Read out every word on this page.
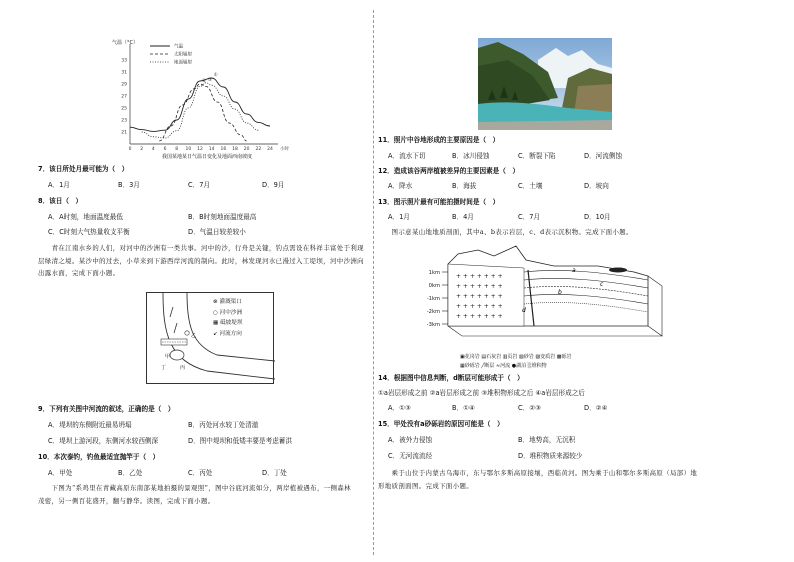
33
31
29
27
25
23
21
0 2 4 6 8 10 12 14 16 18 20 22 24 小时
①
② ③
气温
太阳辐射
地面辐射
气温（°C）
我国某地某日气温日变化及地面西南坡度
7．该日所处月最可能为（　）
A．1月	B．3月	C．7月	D．9月
8．该日（　）
A．A时刻，地面温度最低	B．B时刻地面温度最高
C．C时刻大气热量收支平衡	D．气温日较差较小
　　青在江南水乡的人们，对河中的沙洲有一类共事。河中的沙，行舟是关键，钓点需设在科祥丰富处于利现
层绿清之境。某沙中的过去，小草来到下游西岸河流的制向。此时，林发现河水已漫过入工堤坝，河中沙洲向
出露水面，完成下面小题。
甲
丁	丙
乙
⊗ 灌溉渠口
○ 河中沙洲
▦ 砥坡堤坝
↙ 河流方向
9．下列有关图中河流的叙述，正确的是（　）
A．堤坝的东侧附近最易坍塌	B．丙处河水较丁处清澈
C．堤坝上游河段，东侧河水较西侧深	D．图中堤坝和低矮丰要是考虑蓄洪
10．本次泰钓，钓鱼最适宜抛竿于（　）
A．甲处	B．乙处	C．丙处	D．丁处
　　下图为“系鸡里在青藏高原东南部某地拍摄的景观照”，图中谷底河流如分，两岸植被遇布，一侧森林
茂密，另一侧百花盛开，翻与静华。读图，完成下面小题。
11．照片中谷地形成的主要原因是（　）
A．流水下切	B．冰川侵蚀	C．断裂下陷	D．河流侧蚀
12．造成该谷两岸植被差异的主要因素是（　）
A．降水	B．海拔	C．土壤	D．坡向
13．图示照片最有可能拍摄时间是（　）
A．1月	B．4月	C．7月	D．10月
　　图示意某山地地质剖面，其中a、b表示岩层，c、d表示沉积物。完成下面小题。
1km
0km
-1km
-2km
-3km
+ + + + + + +
+ + + + + + +
+ + + + + + +
+ + + + + + +
+ + + + + + +
a
b
c
d
▣花岗岩 ▤石灰岩 ▥页岩 ▧砂岩 ▨变质岩 ▩砾岩
▦砂砾岩 ╱断层 ≈河流 ●湖泊 ░堆积物
14．根据图中信息判断，d断层可能形成于（　）
①a岩层形成之前 ②a岩层形成之前 ③堆积物形成之后 ④a岩层形成之后
A．①③	B．①④	C．②③	D．②④
15．甲处没有a砂砾岩的原因可能是（　）
A．被外力侵蚀	B．地势高，无沉积
C．无河流流经	D．堆积物质来源较少
　　乘于山位于内蒙古乌海市，东与鄂尔多斯高原接壤，西临黄河。图为乘于山和鄂尔多斯高原（局部）地
形地质剖面图。完成下面小题。
